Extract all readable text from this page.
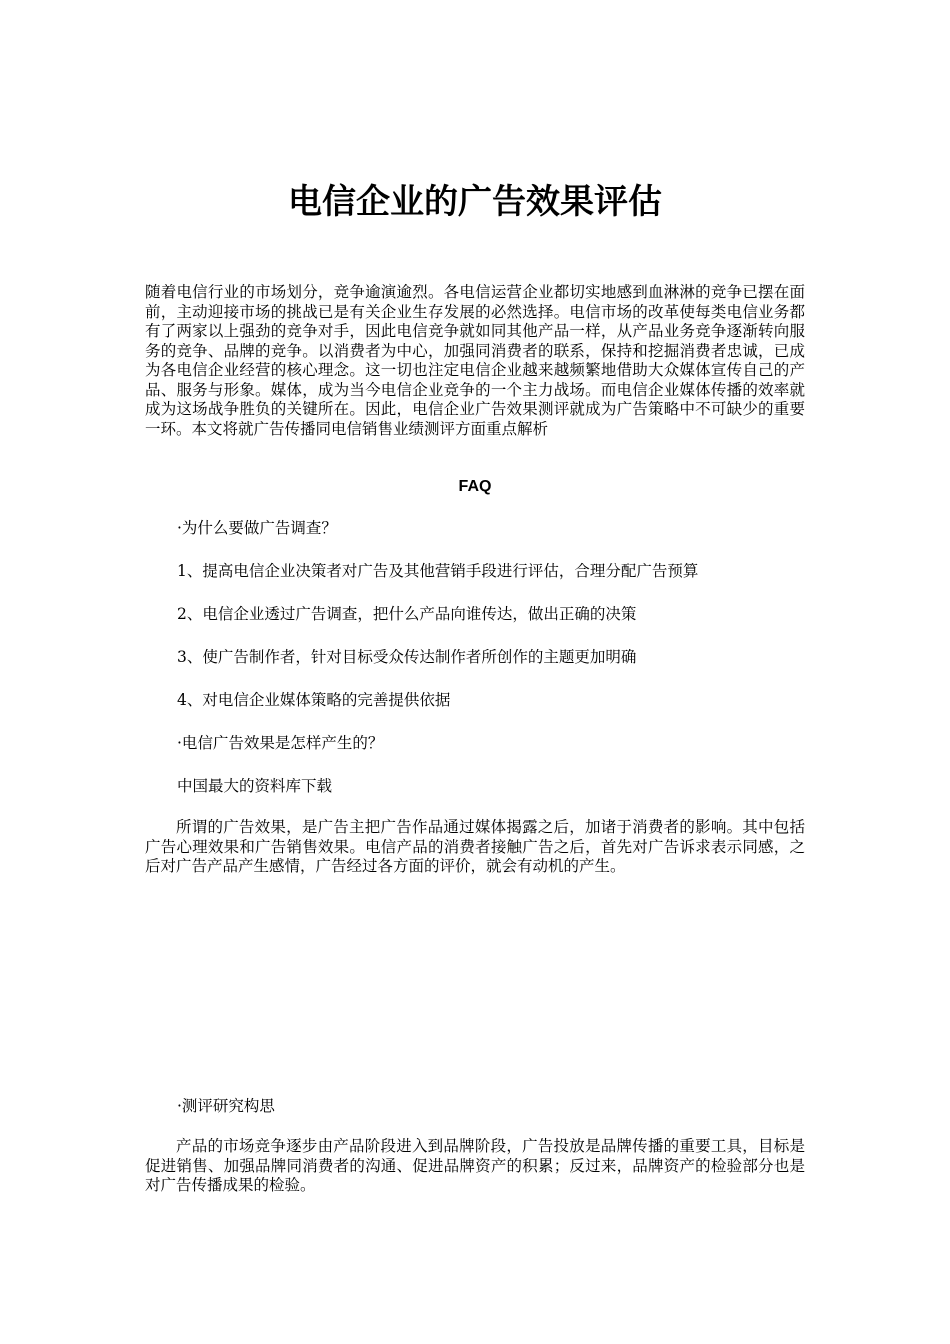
电信企业的广告效果评估

随着电信行业的市场划分，竞争逾演逾烈。各电信运营企业都切实地感到血淋淋的竞争已摆在面前，主动迎接市场的挑战已是有关企业生存发展的必然选择。电信市场的改革使每类电信业务都有了两家以上强劲的竞争对手，因此电信竞争就如同其他产品一样，从产品业务竞争逐渐转向服务的竞争、品牌的竞争。以消费者为中心，加强同消费者的联系，保持和挖掘消费者忠诚，已成为各电信企业经营的核心理念。这一切也注定电信企业越来越频繁地借助大众媒体宣传自己的产品、服务与形象。媒体，成为当今电信企业竞争的一个主力战场。而电信企业媒体传播的效率就成为这场战争胜负的关键所在。因此，电信企业广告效果测评就成为广告策略中不可缺少的重要一环。本文将就广告传播同电信销售业绩测评方面重点解析

FAQ

·为什么要做广告调查？

1、提高电信企业决策者对广告及其他营销手段进行评估，合理分配广告预算

2、电信企业透过广告调查，把什么产品向谁传达，做出正确的决策

3、使广告制作者，针对目标受众传达制作者所创作的主题更加明确

4、对电信企业媒体策略的完善提供依据

·电信广告效果是怎样产生的？

中国最大的资料库下载

所谓的广告效果，是广告主把广告作品通过媒体揭露之后，加诸于消费者的影响。其中包括广告心理效果和广告销售效果。电信产品的消费者接触广告之后，首先对广告诉求表示同感，之后对广告产品产生感情，广告经过各方面的评价，就会有动机的产生。

·测评研究构思

产品的市场竞争逐步由产品阶段进入到品牌阶段，广告投放是品牌传播的重要工具，目标是促进销售、加强品牌同消费者的沟通、促进品牌资产的积累；反过来，品牌资产的检验部分也是对广告传播成果的检验。
